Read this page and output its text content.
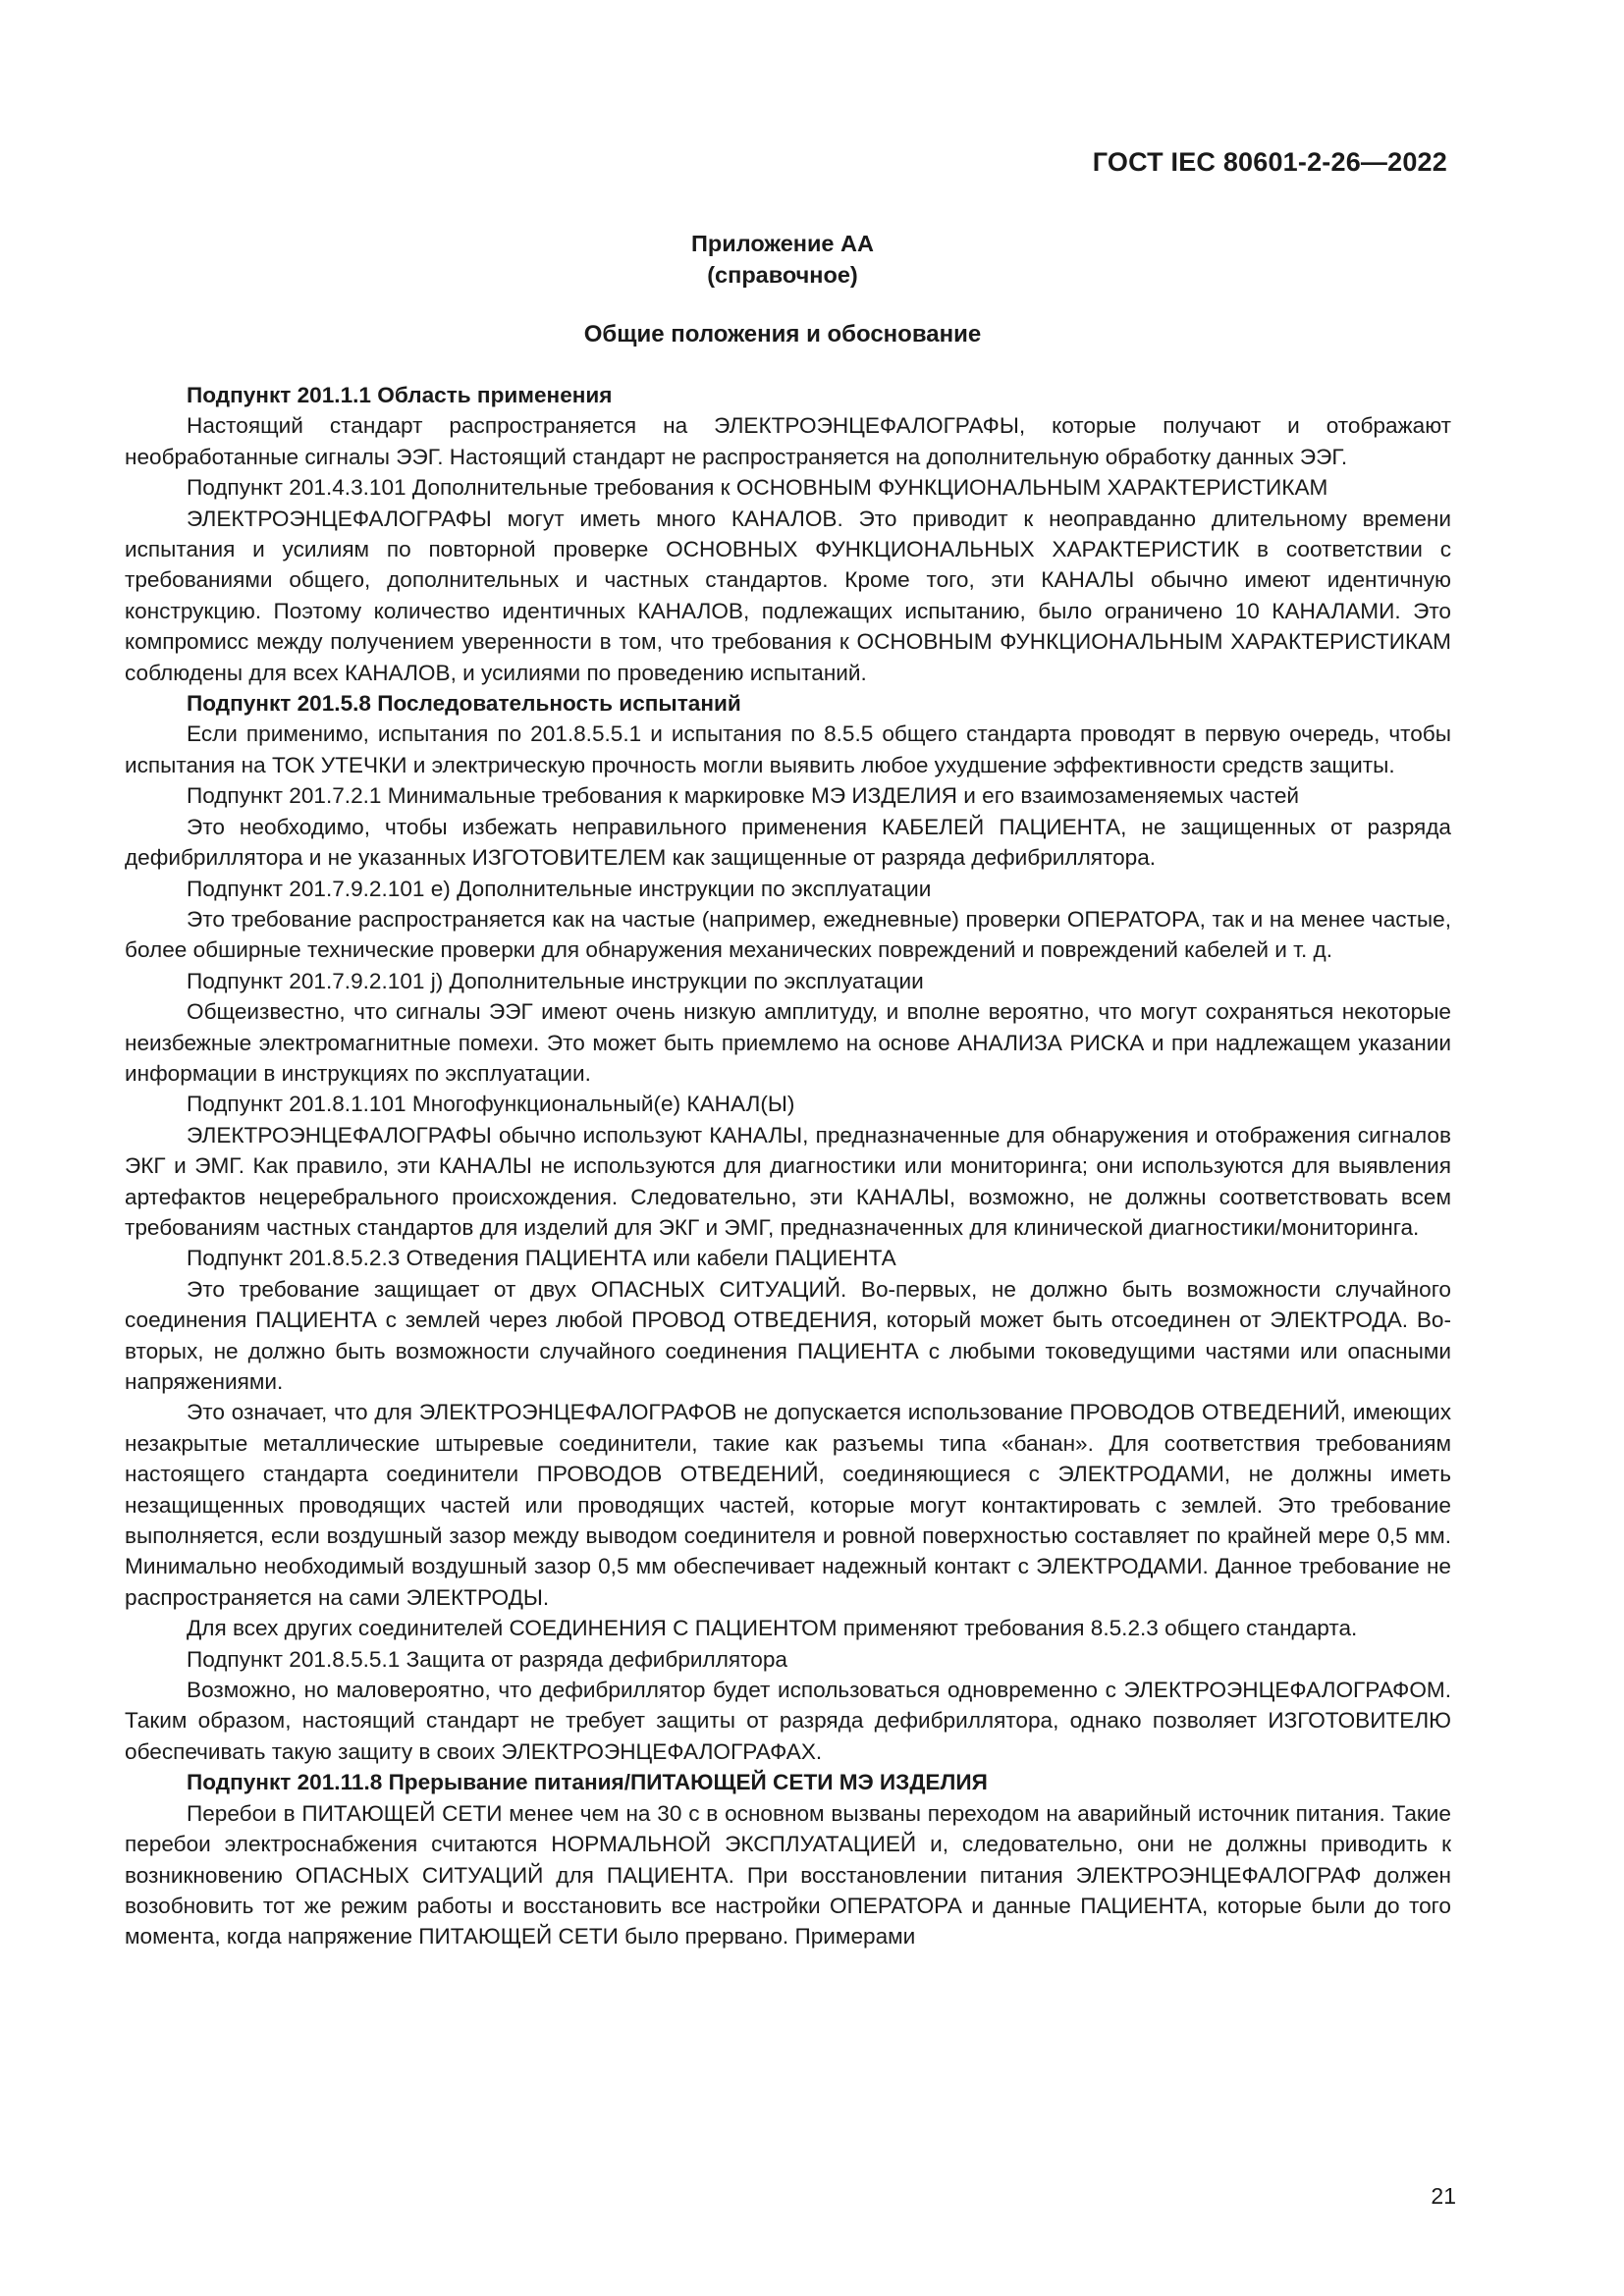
ГОСТ IEC 80601-2-26—2022
Приложение АА
(справочное)
Общие положения и обоснование

Подпункт 201.1.1 Область применения

Настоящий стандарт распространяется на ЭЛЕКТРОЭНЦЕФАЛОГРАФЫ, которые получают и отображают необработанные сигналы ЭЭГ. Настоящий стандарт не распространяется на дополнительную обработку данных ЭЭГ.

Подпункт 201.4.3.101 Дополнительные требования к ОСНОВНЫМ ФУНКЦИОНАЛЬНЫМ ХАРАКТЕРИСТИКАМ

ЭЛЕКТРОЭНЦЕФАЛОГРАФЫ могут иметь много КАНАЛОВ. Это приводит к неоправданно длительному времени испытания и усилиям по повторной проверке ОСНОВНЫХ ФУНКЦИОНАЛЬНЫХ ХАРАКТЕРИСТИК в соответствии с требованиями общего, дополнительных и частных стандартов. Кроме того, эти КАНАЛЫ обычно имеют идентичную конструкцию. Поэтому количество идентичных КАНАЛОВ, подлежащих испытанию, было ограничено 10 КАНАЛАМИ. Это компромисс между получением уверенности в том, что требования к ОСНОВНЫМ ФУНКЦИОНАЛЬНЫМ ХАРАКТЕРИСТИКАМ соблюдены для всех КАНАЛОВ, и усилиями по проведению испытаний.

Подпункт 201.5.8 Последовательность испытаний

Если применимо, испытания по 201.8.5.5.1 и испытания по 8.5.5 общего стандарта проводят в первую очередь, чтобы испытания на ТОК УТЕЧКИ и электрическую прочность могли выявить любое ухудшение эффективности средств защиты.

Подпункт 201.7.2.1 Минимальные требования к маркировке МЭ ИЗДЕЛИЯ и его взаимозаменяемых частей

Это необходимо, чтобы избежать неправильного применения КАБЕЛЕЙ ПАЦИЕНТА, не защищенных от разряда дефибриллятора и не указанных ИЗГОТОВИТЕЛЕМ как защищенные от разряда дефибриллятора.

Подпункт 201.7.9.2.101 е) Дополнительные инструкции по эксплуатации

Это требование распространяется как на частые (например, ежедневные) проверки ОПЕРАТОРА, так и на менее частые, более обширные технические проверки для обнаружения механических повреждений и повреждений кабелей и т. д.

Подпункт 201.7.9.2.101 j) Дополнительные инструкции по эксплуатации

Общеизвестно, что сигналы ЭЭГ имеют очень низкую амплитуду, и вполне вероятно, что могут сохраняться некоторые неизбежные электромагнитные помехи. Это может быть приемлемо на основе АНАЛИЗА РИСКА и при надлежащем указании информации в инструкциях по эксплуатации.

Подпункт 201.8.1.101 Многофункциональный(е) КАНАЛ(Ы)

ЭЛЕКТРОЭНЦЕФАЛОГРАФЫ обычно используют КАНАЛЫ, предназначенные для обнаружения и отображения сигналов ЭКГ и ЭМГ. Как правило, эти КАНАЛЫ не используются для диагностики или мониторинга; они используются для выявления артефактов нецеребрального происхождения. Следовательно, эти КАНАЛЫ, возможно, не должны соответствовать всем требованиям частных стандартов для изделий для ЭКГ и ЭМГ, предназначенных для клинической диагностики/мониторинга.

Подпункт 201.8.5.2.3 Отведения ПАЦИЕНТА или кабели ПАЦИЕНТА

Это требование защищает от двух ОПАСНЫХ СИТУАЦИЙ. Во-первых, не должно быть возможности случайного соединения ПАЦИЕНТА с землей через любой ПРОВОД ОТВЕДЕНИЯ, который может быть отсоединен от ЭЛЕКТРОДА. Во-вторых, не должно быть возможности случайного соединения ПАЦИЕНТА с любыми токоведущими частями или опасными напряжениями.

Это означает, что для ЭЛЕКТРОЭНЦЕФАЛОГРАФОВ не допускается использование ПРОВОДОВ ОТВЕДЕНИЙ, имеющих незакрытые металлические штыревые соединители, такие как разъемы типа «банан». Для соответствия требованиям настоящего стандарта соединители ПРОВОДОВ ОТВЕДЕНИЙ, соединяющиеся с ЭЛЕКТРОДАМИ, не должны иметь незащищенных проводящих частей или проводящих частей, которые могут контактировать с землей. Это требование выполняется, если воздушный зазор между выводом соединителя и ровной поверхностью составляет по крайней мере 0,5 мм. Минимально необходимый воздушный зазор 0,5 мм обеспечивает надежный контакт с ЭЛЕКТРОДАМИ. Данное требование не распространяется на сами ЭЛЕКТРОДЫ.

Для всех других соединителей СОЕДИНЕНИЯ С ПАЦИЕНТОМ применяют требования 8.5.2.3 общего стандарта.

Подпункт 201.8.5.5.1 Защита от разряда дефибриллятора

Возможно, но маловероятно, что дефибриллятор будет использоваться одновременно с ЭЛЕКТРОЭНЦЕФАЛОГРАФОМ. Таким образом, настоящий стандарт не требует защиты от разряда дефибриллятора, однако позволяет ИЗГОТОВИТЕЛЮ обеспечивать такую защиту в своих ЭЛЕКТРОЭНЦЕФАЛОГРАФАХ.

Подпункт 201.11.8 Прерывание питания/ПИТАЮЩЕЙ СЕТИ МЭ ИЗДЕЛИЯ

Перебои в ПИТАЮЩЕЙ СЕТИ менее чем на 30 с в основном вызваны переходом на аварийный источник питания. Такие перебои электроснабжения считаются НОРМАЛЬНОЙ ЭКСПЛУАТАЦИЕЙ и, следовательно, они не должны приводить к возникновению ОПАСНЫХ СИТУАЦИЙ для ПАЦИЕНТА. При восстановлении питания ЭЛЕКТРОЭНЦЕФАЛОГРАФ должен возобновить тот же режим работы и восстановить все настройки ОПЕРАТОРА и данные ПАЦИЕНТА, которые были до того момента, когда напряжение ПИТАЮЩЕЙ СЕТИ было прервано. Примерами

21
